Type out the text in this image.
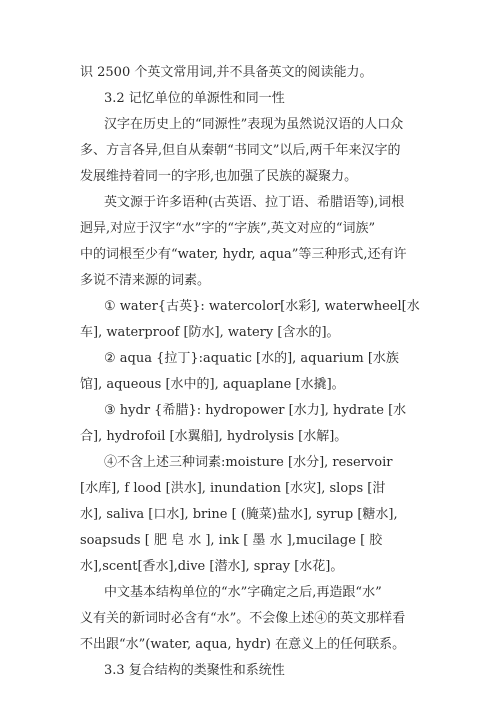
识 2500 个英文常用词,并不具备英文的阅读能力。
3.2 记忆单位的单源性和同一性
汉字在历史上的“同源性”表现为虽然说汉语的人口众
多、方言各异,但自从秦朝“书同文”以后,两千年来汉字的
发展维持着同一的字形,也加强了民族的凝聚力。
英文源于许多语种(古英语、拉丁语、希腊语等),词根
迥异,对应于汉字“水”字的“字族”,英文对应的“词族”
中的词根至少有“water, hydr, aqua”等三种形式,还有许
多说不清来源的词素。
① water{古英}: watercolor[水彩], waterwheel[水
车], waterproof [防水], watery [含水的]。
② aqua {拉丁}:aquatic [水的], aquarium [水族
馆], aqueous [水中的], aquaplane [水撬]。
③ hydr {希腊}: hydropower [水力], hydrate [水
合], hydrofoil [水翼船], hydrolysis [水解]。
④不含上述三种词素:moisture [水分], reservoir
[水库], f lood [洪水], inundation [水灾], slops [泔
水], saliva [口水], brine [ (腌菜)盐水], syrup [糖水],
soapsuds [ 肥 皂 水 ], ink [ 墨 水 ],mucilage [ 胶
水],scent[香水],dive [潜水], spray [水花]。
中文基本结构单位的“水”字确定之后,再造跟“水”
义有关的新词时必含有“水”。不会像上述④的英文那样看
不出跟“水”(water, aqua, hydr) 在意义上的任何联系。
3.3 复合结构的类聚性和系统性
